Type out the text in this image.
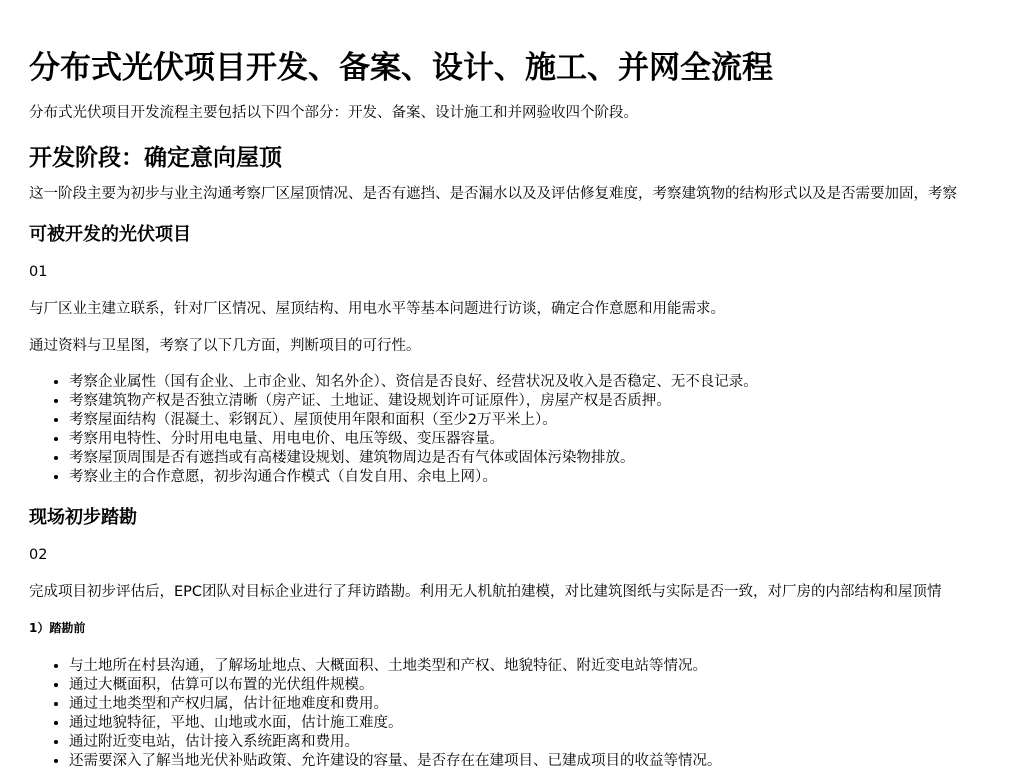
分布式光伏项目开发、备案、设计、施工、并网全流程

分布式光伏项目开发流程主要包括以下四个部分：开发、备案、设计施工和并网验收四个阶段。

开发阶段：确定意向屋顶

这一阶段主要为初步与业主沟通考察厂区屋顶情况、是否有遮挡、是否漏水以及及评估修复难度，考察建筑物的结构形式以及是否需要加固，考察

可被开发的光伏项目

01

与厂区业主建立联系，针对厂区情况、屋顶结构、用电水平等基本问题进行访谈，确定合作意愿和用能需求。

通过资料与卫星图，考察了以下几方面，判断项目的可行性。

• 考察企业属性（国有企业、上市企业、知名外企）、资信是否良好、经营状况及收入是否稳定、无不良记录。
• 考察建筑物产权是否独立清晰（房产证、土地证、建设规划许可证原件），房屋产权是否质押。
• 考察屋面结构（混凝土、彩钢瓦）、屋顶使用年限和面积（至少2万平米上）。
• 考察用电特性、分时用电电量、用电电价、电压等级、变压器容量。
• 考察屋顶周围是否有遮挡或有高楼建设规划、建筑物周边是否有气体或固体污染物排放。
• 考察业主的合作意愿，初步沟通合作模式（自发自用、余电上网）。
现场初步踏勘

02

完成项目初步评估后，EPC团队对目标企业进行了拜访踏勘。利用无人机航拍建模，对比建筑图纸与实际是否一致，对厂房的内部结构和屋顶情

1）踏勘前
• 与土地所在村县沟通，了解场址地点、大概面积、土地类型和产权、地貌特征、附近变电站等情况。
• 通过大概面积，估算可以布置的光伏组件规模。
• 通过土地类型和产权归属，估计征地难度和费用。
• 通过地貌特征，平地、山地或水面，估计施工难度。
• 通过附近变电站，估计接入系统距离和费用。
• 还需要深入了解当地光伏补贴政策、允许建设的容量、是否存在在建项目、已建成项目的收益等情况。
